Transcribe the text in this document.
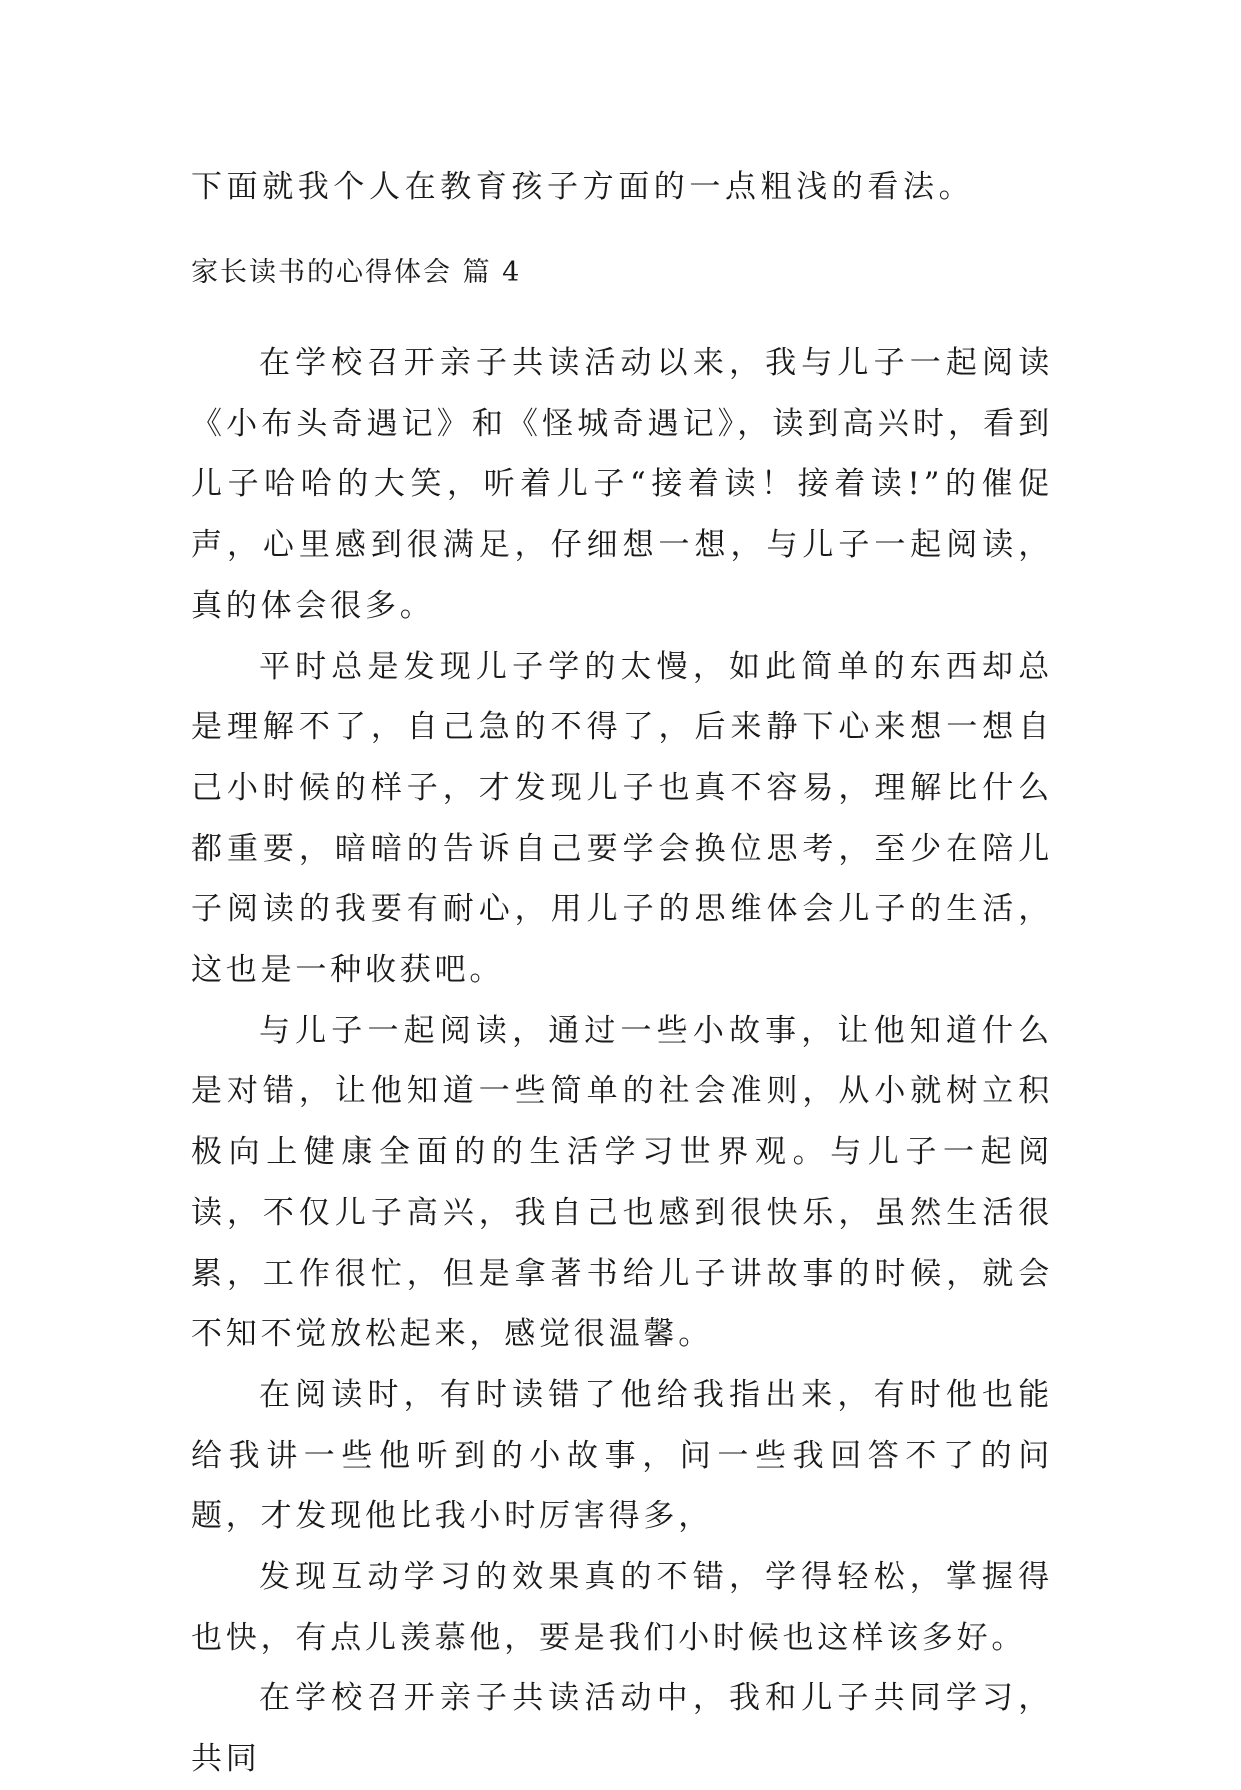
下面就我个人在教育孩子方面的一点粗浅的看法。
家长读书的心得体会 篇 4

在学校召开亲子共读活动以来，我与儿子一起阅读《小布头奇遇记》和《怪城奇遇记》，读到高兴时，看到儿子哈哈的大笑，听着儿子“接着读！接着读!”的催促声，心里感到很满足，仔细想一想，与儿子一起阅读，真的体会很多。

平时总是发现儿子学的太慢，如此简单的东西却总是理解不了，自己急的不得了，后来静下心来想一想自己小时候的样子，才发现儿子也真不容易，理解比什么都重要，暗暗的告诉自己要学会换位思考，至少在陪儿子阅读的我要有耐心，用儿子的思维体会儿子的生活，这也是一种收获吧。

与儿子一起阅读，通过一些小故事，让他知道什么是对错，让他知道一些简单的社会准则，从小就树立积极向上健康全面的的生活学习世界观。与儿子一起阅读，不仅儿子高兴，我自己也感到很快乐，虽然生活很累，工作很忙，但是拿著书给儿子讲故事的时候，就会不知不觉放松起来，感觉很温馨。

在阅读时，有时读错了他给我指出来，有时他也能给我讲一些他听到的小故事，问一些我回答不了的问题，才发现他比我小时厉害得多，

发现互动学习的效果真的不错，学得轻松，掌握得也快，有点儿羡慕他，要是我们小时候也这样该多好。

在学校召开亲子共读活动中，我和儿子共同学习，共同
